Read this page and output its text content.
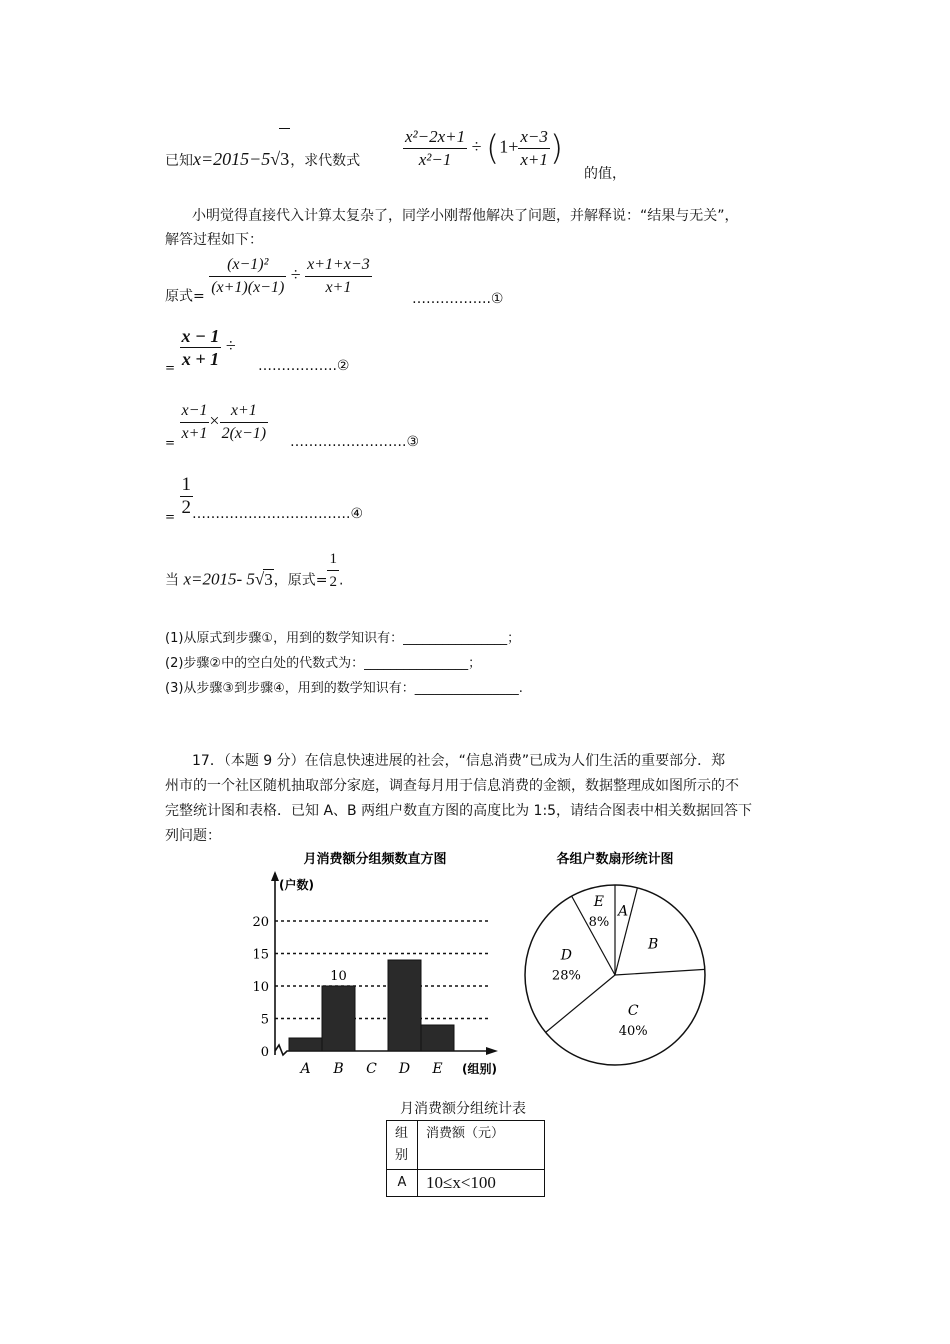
已知x=2015−5√3，求代数式	$\frac{\text{x²−2x+1}}{\text{x²−1}} \div (1+ \frac{x-3}{x+1}$ )
的值，
小明觉得直接代入计算太复杂了，同学小刚帮他解决了问题，并解释说：“结果与无关”，
解答过程如下：
原式= $\frac{\text{(x−1)²}}{(x+1)(x-1)} \div \frac{x+1+x-3}{x+1}$	……………..①
= $\frac{x - 1}{x + 1}$ ÷
……………..②
= $\frac{x-1}{x+1} \times \frac{x+1}{2(x-1)}$ …………………….③
= $\frac{1}{2}$
…………………………….④
当 x=2015- 5√3，原式= $\frac{1}{2}$ .
(1)从原式到步骤①，用到的数学知识有：________________；
(2)步骤②中的空白处的代数式为：________________；
(3)从步骤③到步骤④，用到的数学知识有：________________.
17．（本题 9 分）在信息快速进展的社会，“信息消费”已成为人们生活的重要部分．郑
州市的一个社区随机抽取部分家庭，调查每月用于信息消费的金额，数据整理成如图所示的不
完整统计图和表格．已知 A、B 两组户数直方图的高度比为 1:5，请结合图表中相关数据回答下
列问题：
月消费额分组频数直方图
(户数)
(组别)
0
5
10
15
20
A B
10
C D E
各组户数扇形统计图
E
8%
A
B
C
40%
D
28%
月消费额分组统计表
组别	消费额（元）
A	10≤x<100
